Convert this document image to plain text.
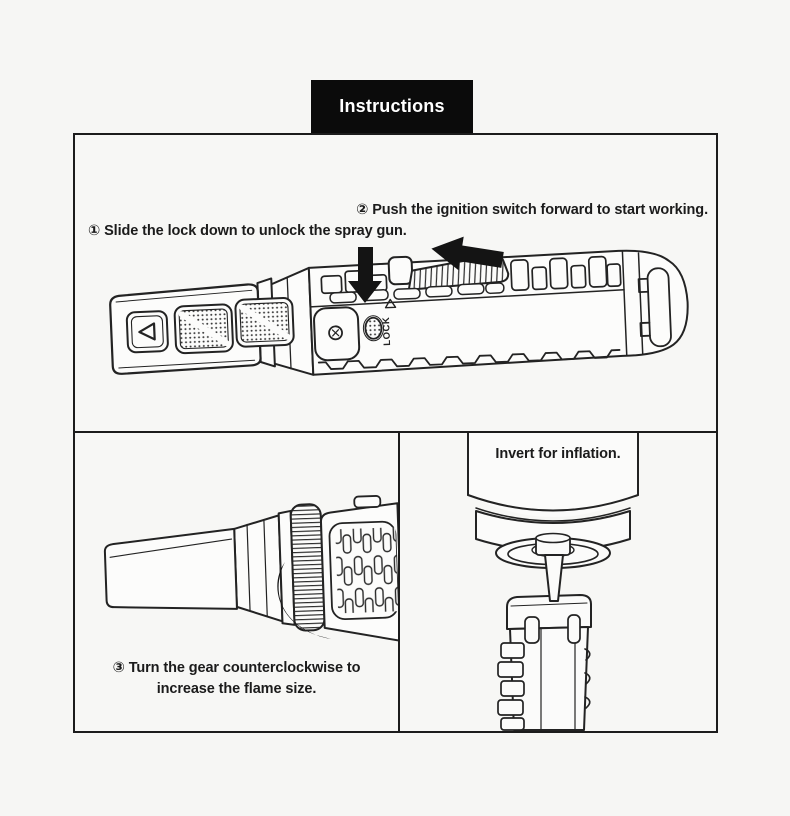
Instructions
② Push the ignition switch forward to start working.
① Slide the lock down to unlock the spray gun.
LOCK
③ Turn the gear counterclockwise to
increase the flame size.
Invert for inflation.
